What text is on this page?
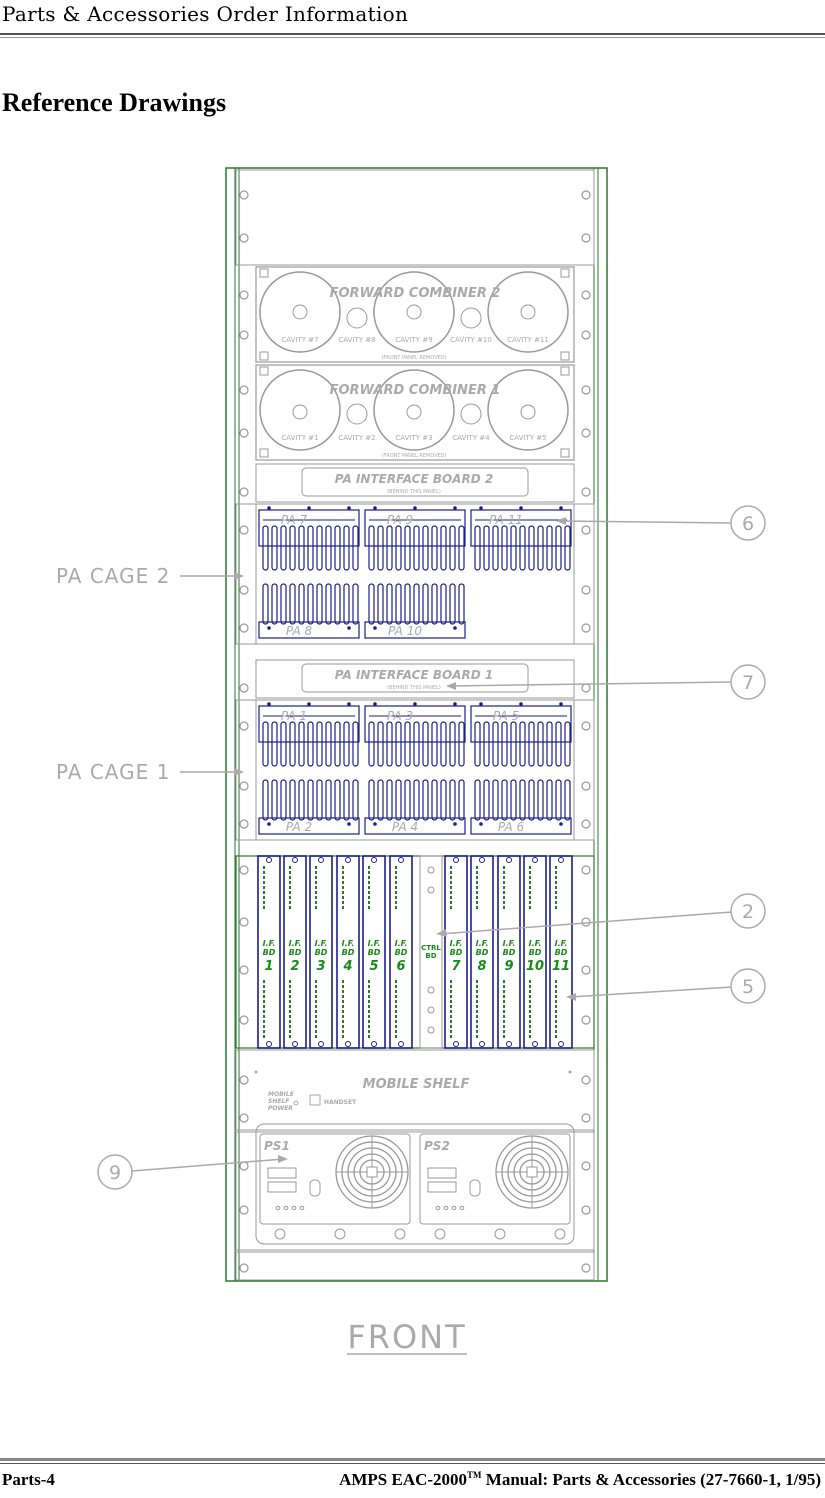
Parts & Accessories Order Information
Reference Drawings
FORWARD COMBINER 2
CAVITY #7	CAVITY #8	CAVITY #9	CAVITY #10 CAVITY #11
(FRONT PANEL REMOVED)
FORWARD COMBINER 1
CAVITY #1	CAVITY #2	CAVITY #3	CAVITY #4	CAVITY #5
(FRONT PANEL REMOVED)
PA INTERFACE BOARD 2
(BEHIND THIS PANEL)
PA 7	PA 9	PA 11
PA 8	PA 10
PA 1	PA 3	PA 5
PA 2	PA 4	PA 6
PA INTERFACE BOARD 1
(BEHIND THIS PANEL)
I.F.
BD
1
I.F.
BD
2
I.F.
BD
3
I.F.
BD
4
I.F.
BD
5
I.F.
BD
6
CTRL
BD
I.F.
BD
7
I.F.
BD
8
I.F.
BD
9
I.F.
BD
10
I.F.
BD
11
MOBILE SHELF
MOBILE
SHELF
POWER
HANDSET
PS1	PS2
PA CAGE 2
PA CAGE 1
6
7
2
5
9
FRONT
Parts-4	AMPS EAC-2000™ Manual: Parts & Accessories (27-7660-1, 1/95)
